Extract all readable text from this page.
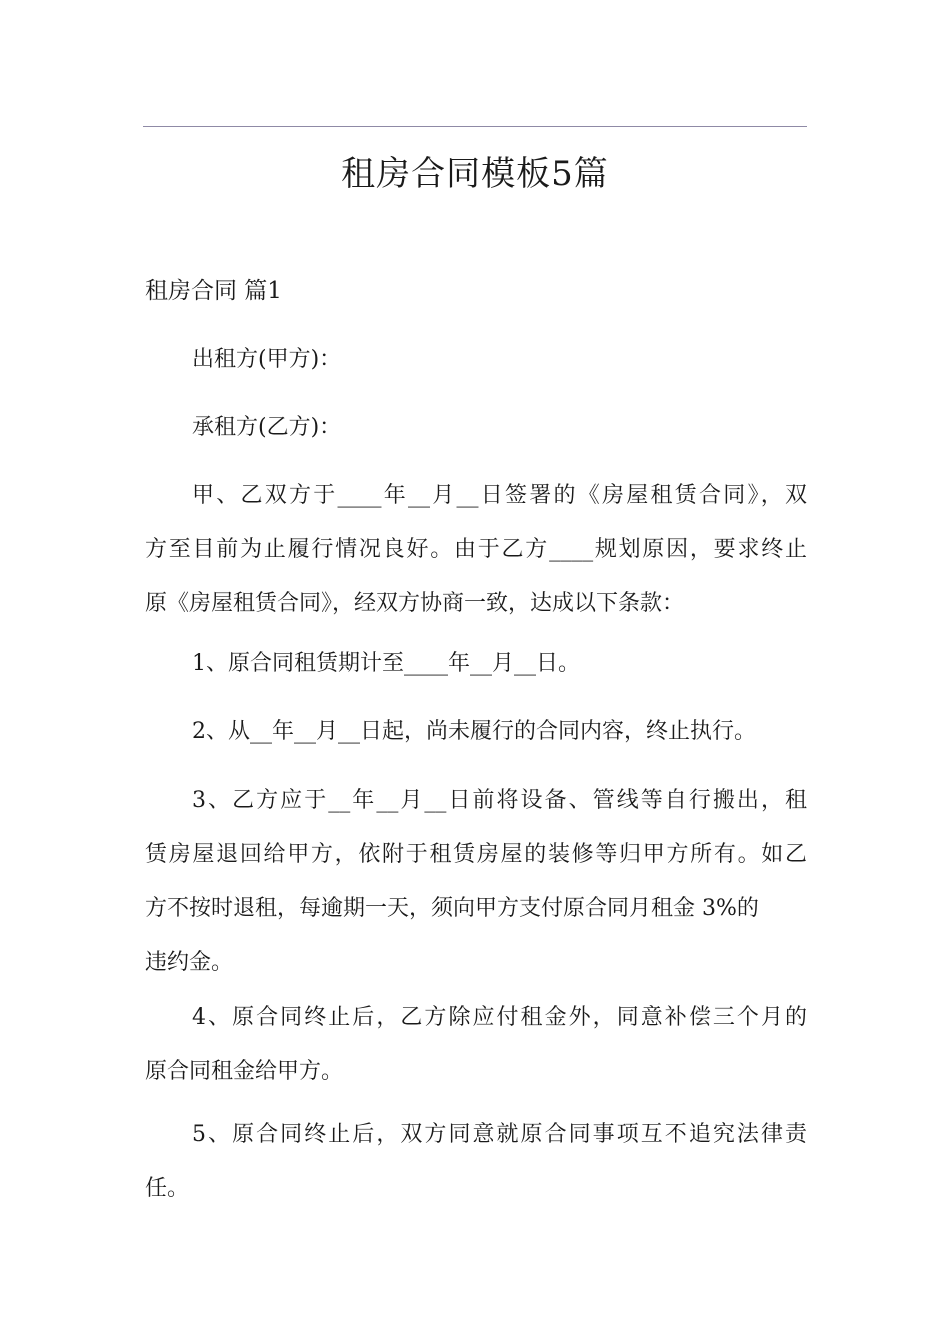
租房合同模板5篇
租房合同 篇1
出租方(甲方)：
承租方(乙方)：
甲、乙双方于____年__月__日签署的《房屋租赁合同》，双
方至目前为止履行情况良好。由于乙方____规划原因，要求终止
原《房屋租赁合同》，经双方协商一致，达成以下条款：
1、原合同租赁期计至____年__月__日。
2、从__年__月__日起，尚未履行的合同内容，终止执行。
3、乙方应于__年__月__日前将设备、管线等自行搬出，租
赁房屋退回给甲方，依附于租赁房屋的装修等归甲方所有。如乙
方不按时退租，每逾期一天，须向甲方支付原合同月租金 3%的
违约金。
4、原合同终止后，乙方除应付租金外，同意补偿三个月的
原合同租金给甲方。
5、原合同终止后，双方同意就原合同事项互不追究法律责
任。
